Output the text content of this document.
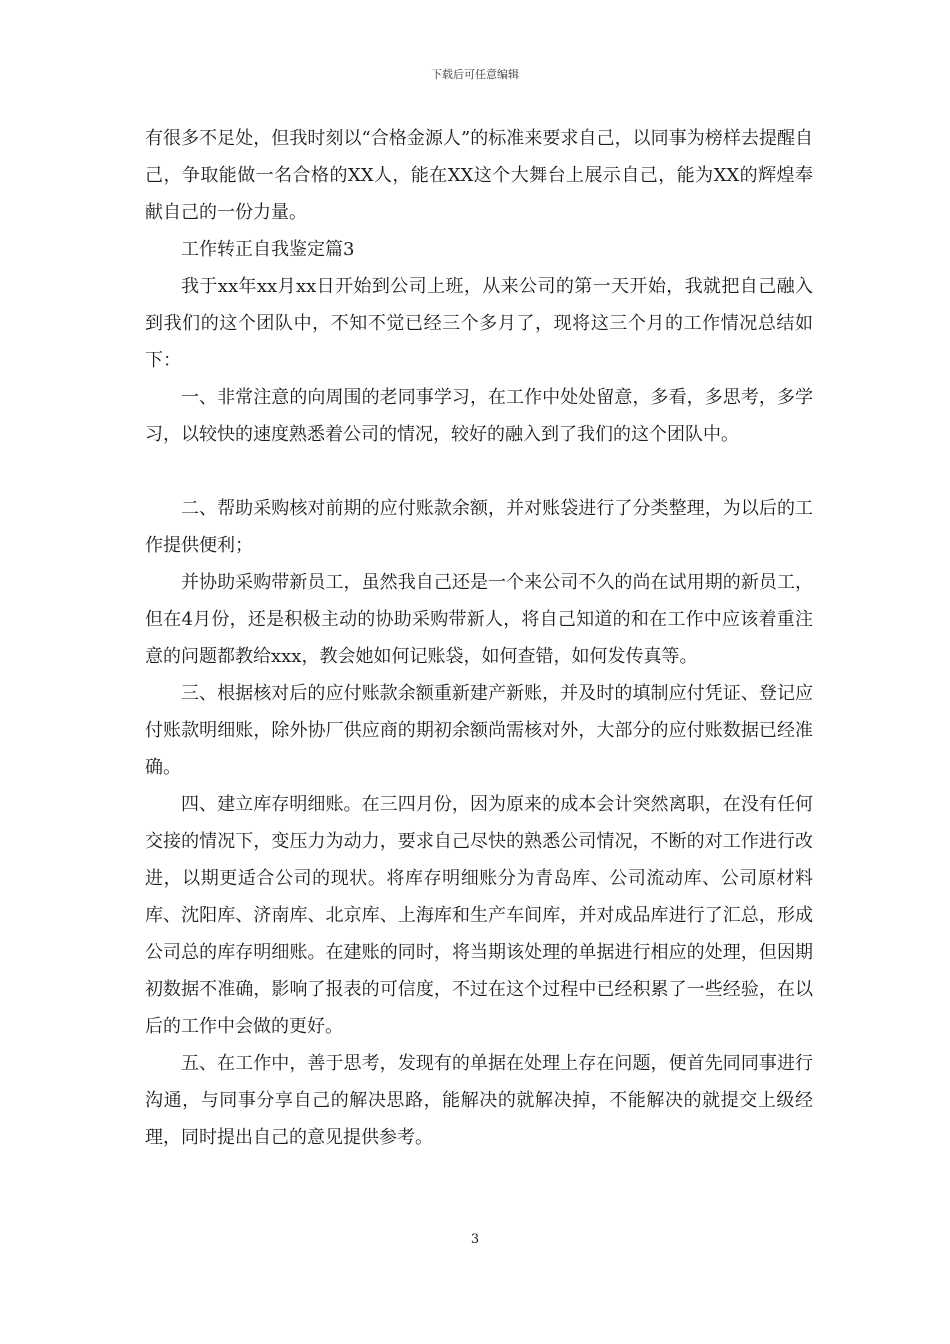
下载后可任意编辑

有很多不足处，但我时刻以“合格金源人”的标准来要求自己，以同事为榜样去提醒自己，争取能做一名合格的XX人，能在XX这个大舞台上展示自己，能为XX的辉煌奉献自己的一份力量。

工作转正自我鉴定篇3

我于xx年xx月xx日开始到公司上班，从来公司的第一天开始，我就把自己融入到我们的这个团队中，不知不觉已经三个多月了，现将这三个月的工作情况总结如下：

一、非常注意的向周围的老同事学习，在工作中处处留意，多看，多思考，多学习，以较快的速度熟悉着公司的情况，较好的融入到了我们的这个团队中。

二、帮助采购核对前期的应付账款余额，并对账袋进行了分类整理，为以后的工作提供便利；

并协助采购带新员工，虽然我自己还是一个来公司不久的尚在试用期的新员工，但在4月份，还是积极主动的协助采购带新人，将自己知道的和在工作中应该着重注意的问题都教给xxx，教会她如何记账袋，如何查错，如何发传真等。

三、根据核对后的应付账款余额重新建产新账，并及时的填制应付凭证、登记应付账款明细账，除外协厂供应商的期初余额尚需核对外，大部分的应付账数据已经准确。

四、建立库存明细账。在三四月份，因为原来的成本会计突然离职，在没有任何交接的情况下，变压力为动力，要求自己尽快的熟悉公司情况，不断的对工作进行改进，以期更适合公司的现状。将库存明细账分为青岛库、公司流动库、公司原材料库、沈阳库、济南库、北京库、上海库和生产车间库，并对成品库进行了汇总，形成公司总的库存明细账。在建账的同时，将当期该处理的单据进行相应的处理，但因期初数据不准确，影响了报表的可信度，不过在这个过程中已经积累了一些经验，在以后的工作中会做的更好。

五、在工作中，善于思考，发现有的单据在处理上存在问题，便首先同同事进行沟通，与同事分享自己的解决思路，能解决的就解决掉，不能解决的就提交上级经理，同时提出自己的意见提供参考。

3
